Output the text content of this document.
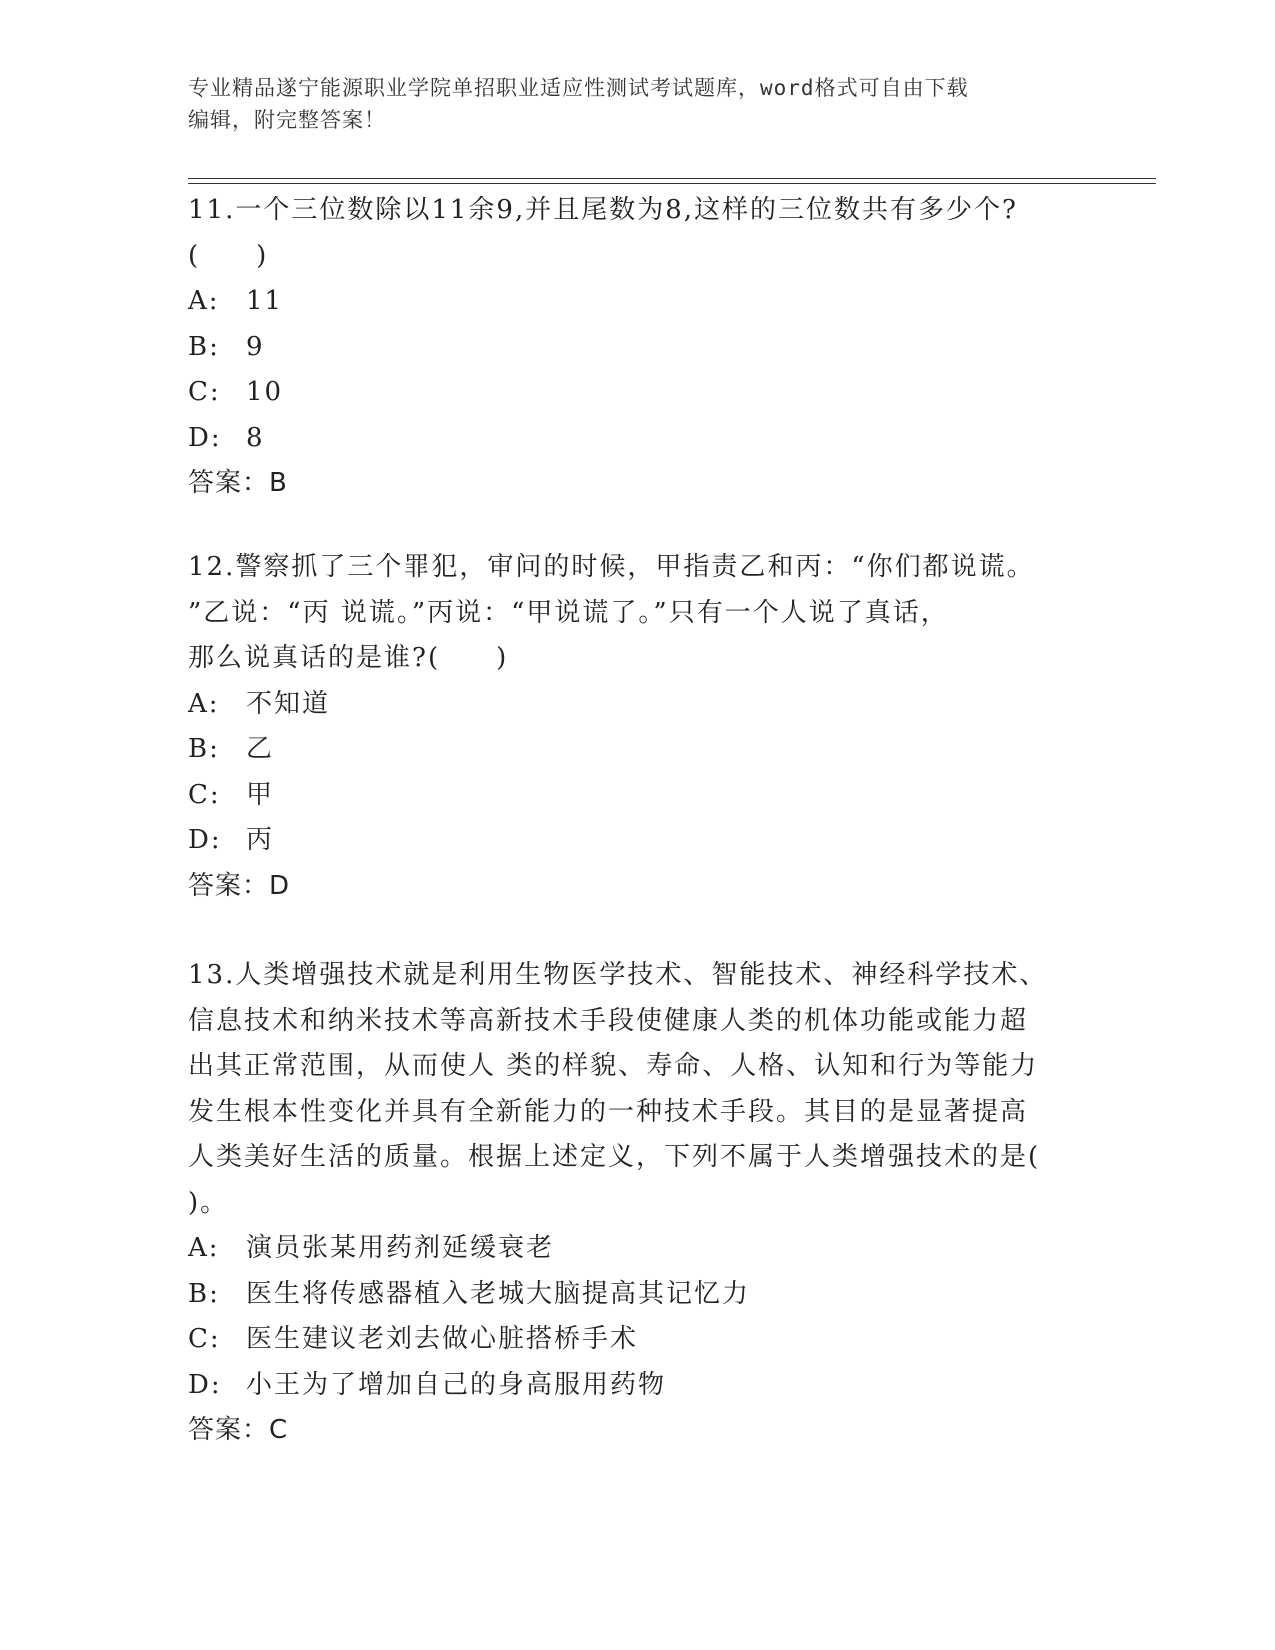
专业精品遂宁能源职业学院单招职业适应性测试考试题库，word格式可自由下载
编辑，附完整答案！

11.一个三位数除以11余9,并且尾数为8,这样的三位数共有多少个?
(　　)

A:	11
B:	9
C: 10
D: 8
答案：B

12.警察抓了三个罪犯，审问的时候，甲指责乙和丙：“你们都说谎。
”乙说：“丙 说谎。”丙说：“甲说谎了。”只有一个人说了真话，
那么说真话的是谁?(　　)

A:	不知道
B:	乙
C: 甲
D: 丙
答案：D

13.人类增强技术就是利用生物医学技术、智能技术、神经科学技术、
信息技术和纳米技术等高新技术手段使健康人类的机体功能或能力超
出其正常范围，从而使人 类的样貌、寿命、人格、认知和行为等能力
发生根本性变化并具有全新能力的一种技术手段。其目的是显著提高
人类美好生活的质量。根据上述定义，下列不属于人类增强技术的是(
)。

A:	演员张某用药剂延缓衰老
B:	医生将传感器植入老城大脑提高其记忆力
C: 医生建议老刘去做心脏搭桥手术
D: 小王为了增加自己的身高服用药物
答案：C
